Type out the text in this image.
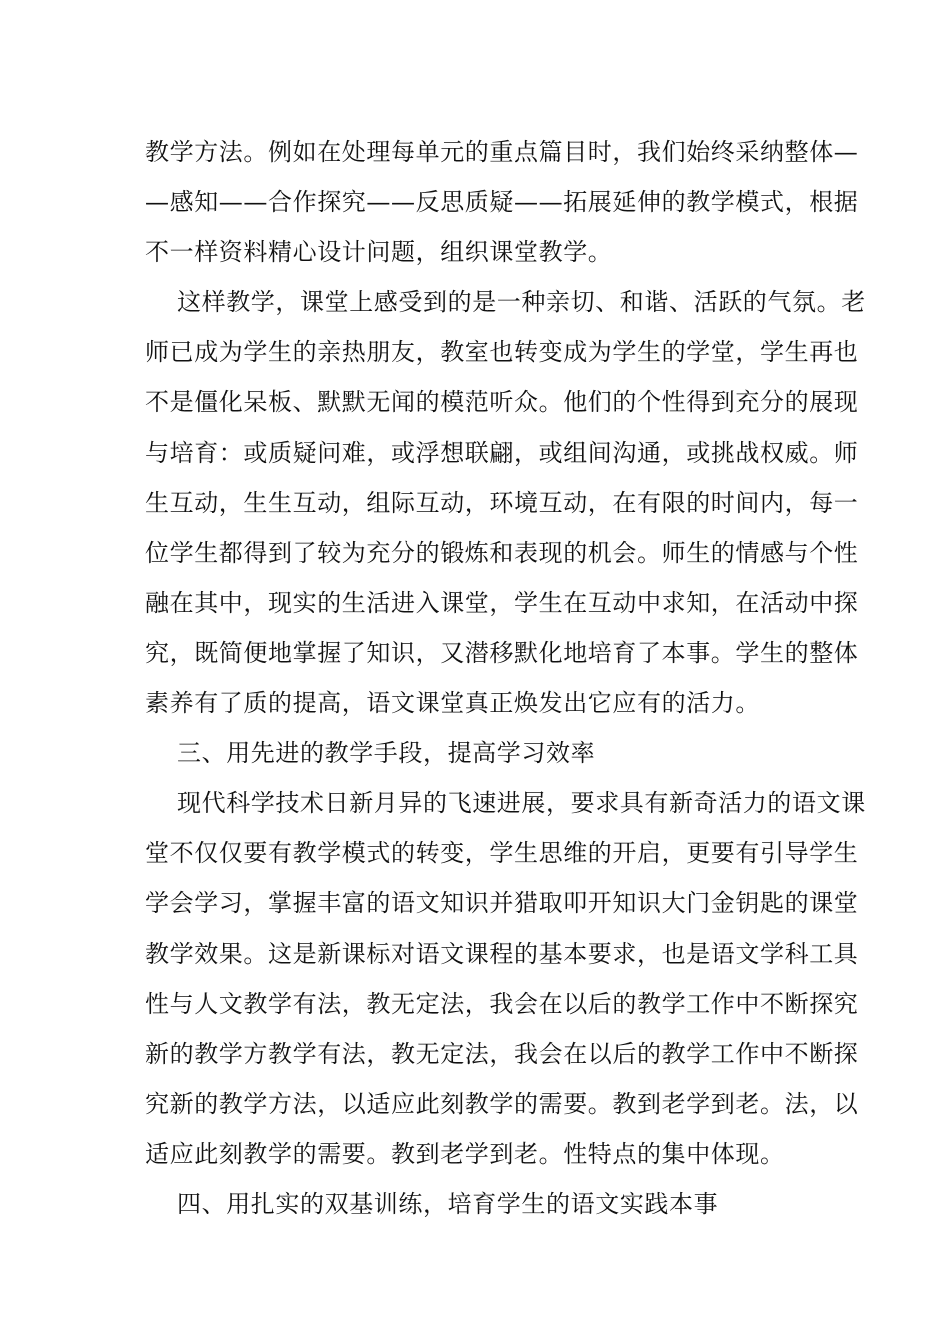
教学方法。例如在处理每单元的重点篇目时，我们始终采纳整体—
—感知——合作探究——反思质疑——拓展延伸的教学模式，根据
不一样资料精心设计问题，组织课堂教学。
这样教学，课堂上感受到的是一种亲切、和谐、活跃的气氛。老
师已成为学生的亲热朋友，教室也转变成为学生的学堂，学生再也
不是僵化呆板、默默无闻的模范听众。他们的个性得到充分的展现
与培育：或质疑问难，或浮想联翩，或组间沟通，或挑战权威。师
生互动，生生互动，组际互动，环境互动，在有限的时间内，每一
位学生都得到了较为充分的锻炼和表现的机会。师生的情感与个性
融在其中，现实的生活进入课堂，学生在互动中求知，在活动中探
究，既简便地掌握了知识，又潜移默化地培育了本事。学生的整体
素养有了质的提高，语文课堂真正焕发出它应有的活力。
三、用先进的教学手段，提高学习效率
现代科学技术日新月异的飞速进展，要求具有新奇活力的语文课
堂不仅仅要有教学模式的转变，学生思维的开启，更要有引导学生
学会学习，掌握丰富的语文知识并猎取叩开知识大门金钥匙的课堂
教学效果。这是新课标对语文课程的基本要求，也是语文学科工具
性与人文教学有法，教无定法，我会在以后的教学工作中不断探究
新的教学方教学有法，教无定法，我会在以后的教学工作中不断探
究新的教学方法，以适应此刻教学的需要。教到老学到老。法，以
适应此刻教学的需要。教到老学到老。性特点的集中体现。
四、用扎实的双基训练，培育学生的语文实践本事
